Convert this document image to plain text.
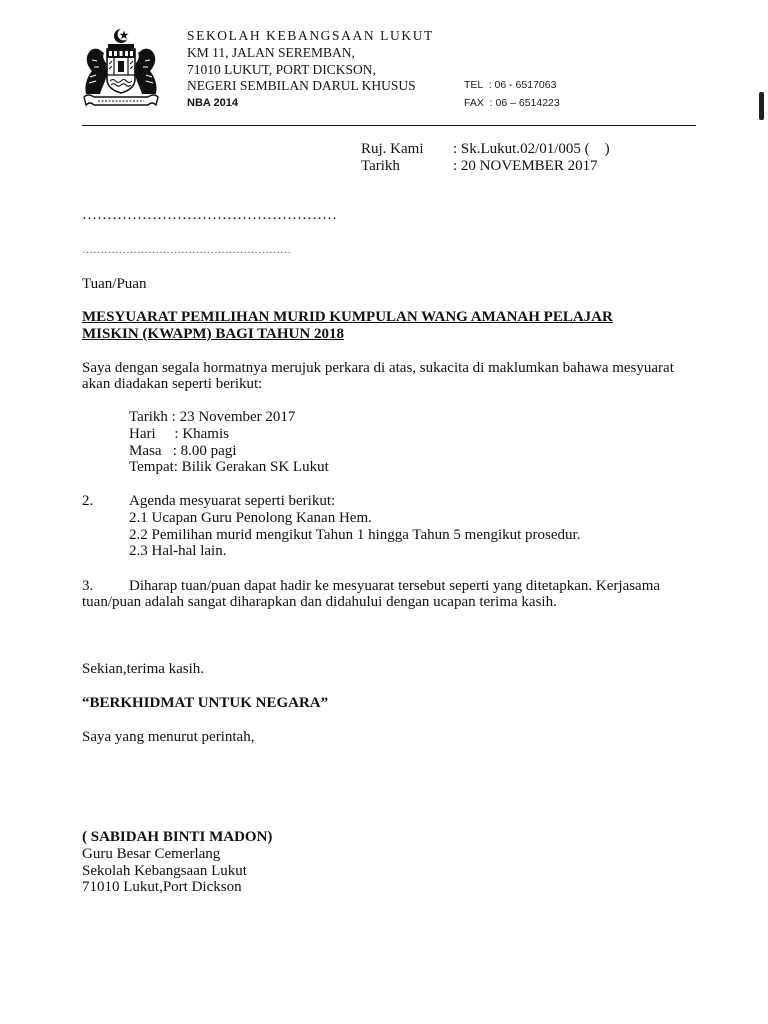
SEKOLAH KEBANGSAAN LUKUT
KM 11, JALAN SEREMBAN,
71010 LUKUT, PORT DICKSON,
NEGERI SEMBILAN DARUL KHUSUS
NBA 2014
TEL  : 06 - 6517063
FAX  : 06 – 6514223
Ruj. Kami : Sk.Lukut.02/01/005 (    )
Tarikh	: 20 NOVEMBER 2017
……………………………………………
…………………………………………………
Tuan/Puan
MESYUARAT PEMILIHAN MURID KUMPULAN WANG AMANAH PELAJAR
MISKIN (KWAPM) BAGI TAHUN 2018
Saya dengan segala hormatnya merujuk perkara di atas, sukacita di maklumkan bahawa mesyuarat
akan diadakan seperti berikut:
Tarikh : 23 November 2017
Hari     : Khamis
Masa   : 8.00 pagi
Tempat: Bilik Gerakan SK Lukut
2. Agenda mesyuarat seperti berikut:
2.1 Ucapan Guru Penolong Kanan Hem.
2.2 Pemilihan murid mengikut Tahun 1 hingga Tahun 5 mengikut prosedur.
2.3 Hal-hal lain.
3. Diharap tuan/puan dapat hadir ke mesyuarat tersebut seperti yang ditetapkan. Kerjasama
tuan/puan adalah sangat diharapkan dan didahului dengan ucapan terima kasih.
Sekian,terima kasih.
“BERKHIDMAT UNTUK NEGARA”
Saya yang menurut perintah,
( SABIDAH BINTI MADON)
Guru Besar Cemerlang
Sekolah Kebangsaan Lukut
71010 Lukut,Port Dickson
